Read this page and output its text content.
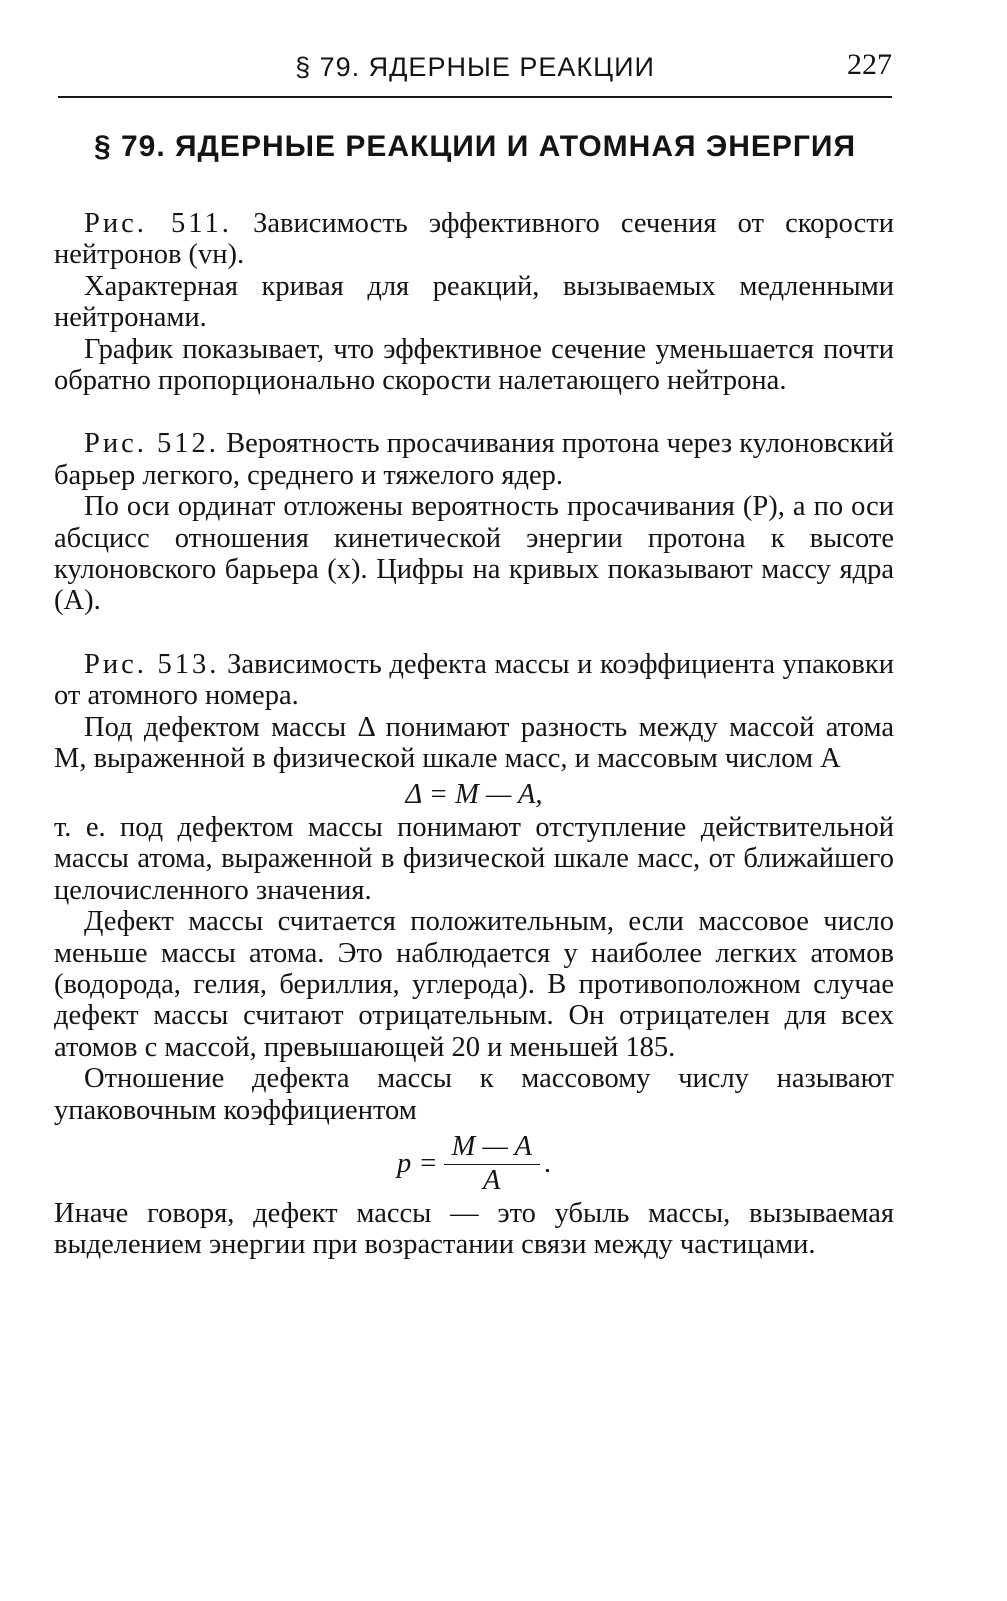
§ 79. ЯДЕРНЫЕ РЕАКЦИИ	227
§ 79. ЯДЕРНЫЕ РЕАКЦИИ И АТОМНАЯ ЭНЕРГИЯ

Рис. 511. Зависимость эффективного сечения от скорости нейтронов (vн).

Характерная кривая для реакций, вызываемых медленными нейтронами.

График показывает, что эффективное сечение уменьшается почти обратно пропорционально скорости налетающего нейтрона.

Рис. 512. Вероятность просачивания протона через кулоновский барьер легкого, среднего и тяжелого ядер.

По оси ординат отложены вероятность просачивания (P), а по оси абсцисс отношения кинетической энергии протона к высоте кулоновского барьера (x). Цифры на кривых показывают массу ядра (A).

Рис. 513. Зависимость дефекта массы и коэффициента упаковки от атомного номера.

Под дефектом массы Δ понимают разность между массой атома M, выраженной в физической шкале масс, и массовым числом A

Δ = M — A,

т. е. под дефектом массы понимают отступление действительной массы атома, выраженной в физической шкале масс, от ближайшего целочисленного значения.

Дефект массы считается положительным, если массовое число меньше массы атома. Это наблюдается у наиболее легких атомов (водорода, гелия, бериллия, углерода). В противоположном случае дефект массы считают отрицательным. Он отрицателен для всех атомов с массой, превышающей 20 и меньшей 185.

Отношение дефекта массы к массовому числу называют упаковочным коэффициентом

$p = \frac{M — A}{A}$ .

Иначе говоря, дефект массы — это убыль массы, вызываемая выделением энергии при возрастании связи между частицами.
